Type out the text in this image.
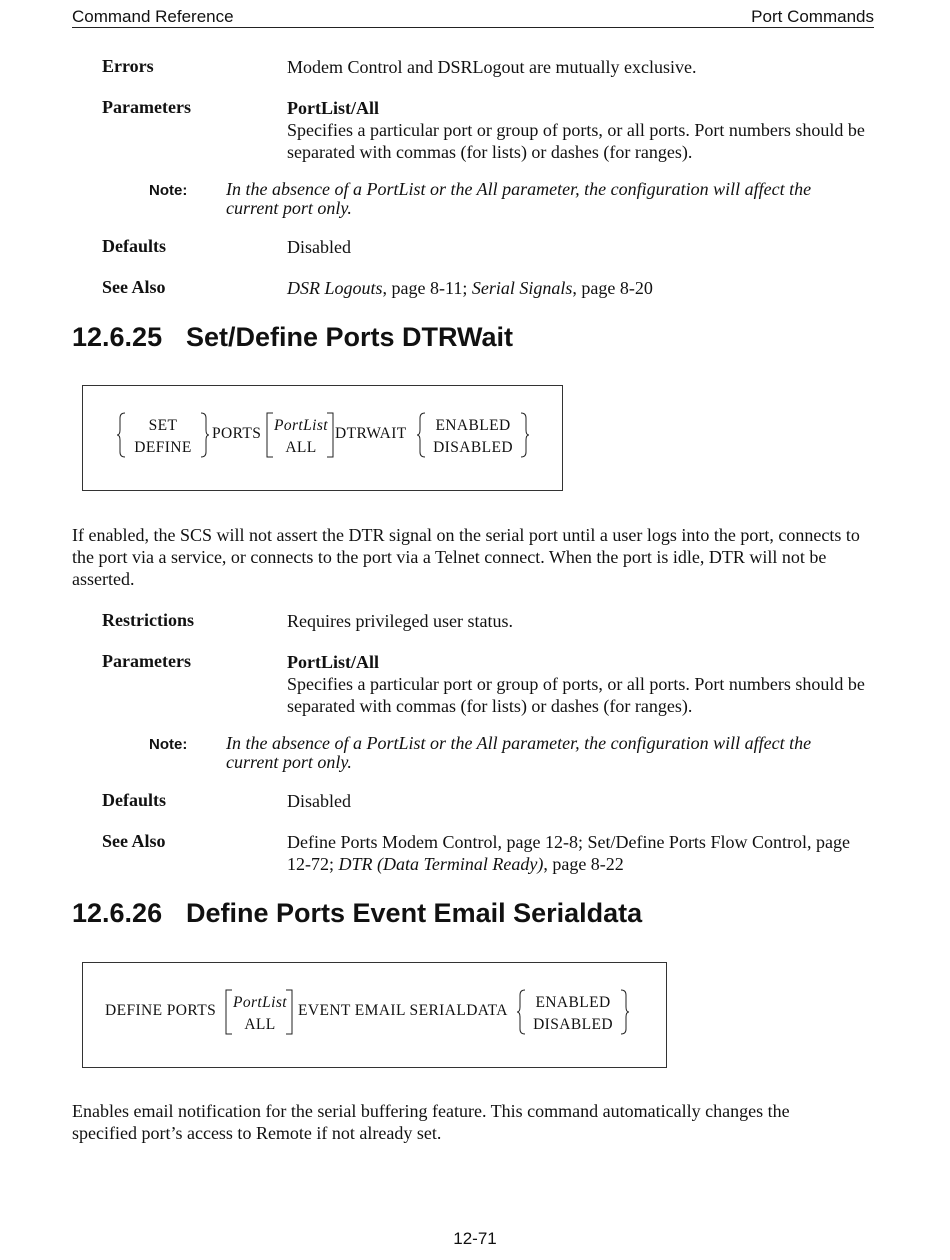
Command Reference	Port Commands
Errors	Modem Control and DSRLogout are mutually exclusive.
Parameters	PortList/All
Specifies a particular port or group of ports, or all ports. Port numbers should be separated with commas (for lists) or dashes (for ranges).
Note: In the absence of a PortList or the All parameter, the configuration will affect the current port only.
Defaults	Disabled
See Also	DSR Logouts, page 8-11; Serial Signals, page 8-20
12.6.25 Set/Define Ports DTRWait
SET
DEFINE
PORTS PortList
ALL
DTRWAIT	ENABLED
DISABLED
If enabled, the SCS will not assert the DTR signal on the serial port until a user logs into the port, connects to the port via a service, or connects to the port via a Telnet connect. When the port is idle, DTR will not be asserted.
Restrictions	Requires privileged user status.
Parameters	PortList/All
Specifies a particular port or group of ports, or all ports. Port numbers should be separated with commas (for lists) or dashes (for ranges).
Note: In the absence of a PortList or the All parameter, the configuration will affect the current port only.
Defaults	Disabled
See Also	Define Ports Modem Control, page 12-8; Set/Define Ports Flow Control, page 12-72; DTR (Data Terminal Ready), page 8-22
12.6.26 Define Ports Event Email Serialdata
DEFINE PORTS	PortList
ALL
EVENT EMAIL SERIALDATA	ENABLED
DISABLED
Enables email notification for the serial buffering feature. This command automatically changes the specified port’s access to Remote if not already set.
12-71
